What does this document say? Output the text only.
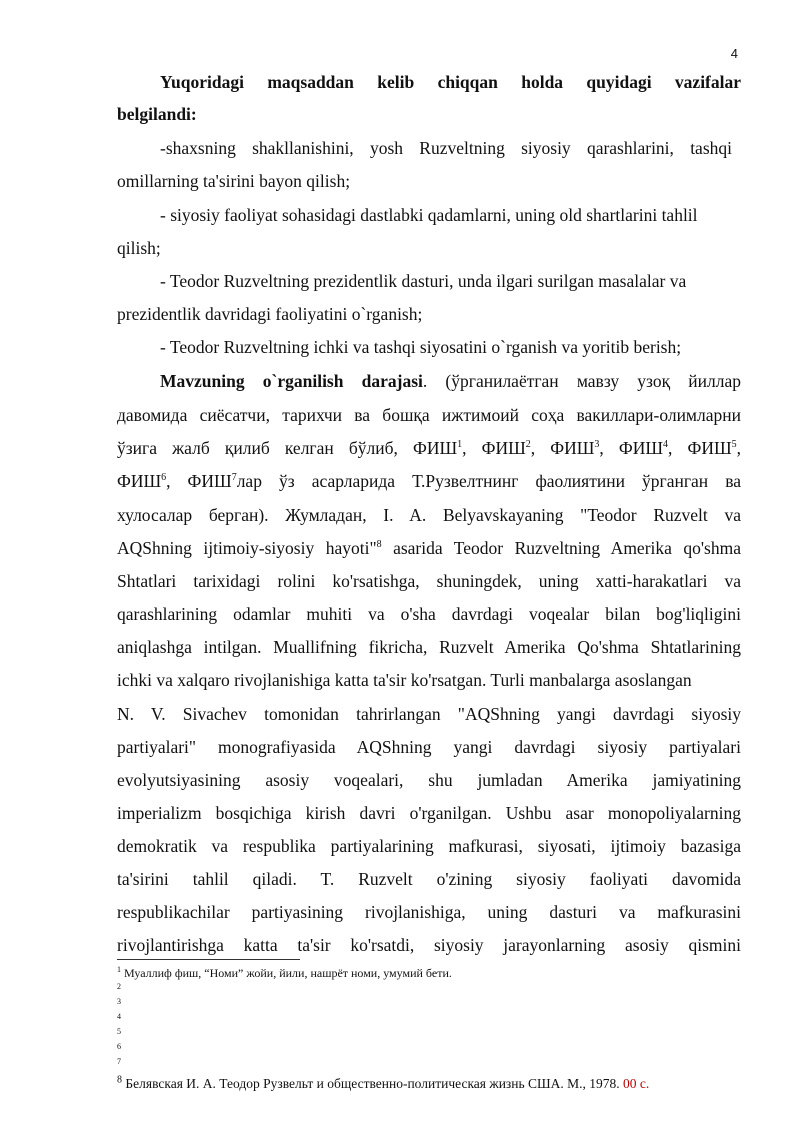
4
Yuqoridagi maqsaddan kelib chiqqan holda quyidagi vazifalar
belgilandi:
-shaxsning shakllanishini, yosh Ruzveltning siyosiy qarashlarini, tashqi
omillarning ta'sirini bayon qilish;
- siyosiy faoliyat sohasidagi dastlabki qadamlarni, uning old shartlarini tahlil
qilish;
- Teodor Ruzveltning prezidentlik dasturi, unda ilgari surilgan masalalar va
prezidentlik davridagi faoliyatini o`rganish;
- Teodor Ruzveltning ichki va tashqi siyosatini o`rganish va yoritib berish;
Mavzuning o`rganilish darajasi. (ўрганилаётган мавзу узоқ йиллар
давомида сиёсатчи, тарихчи ва бошқа ижтимоий соҳа вакиллари-олимларни
ўзига жалб қилиб келган бўлиб, ФИШ$^1$, ФИШ$^2$, ФИШ$^3$, ФИШ$^4$, ФИШ$^5$,
ФИШ$^6$, ФИШ$^7$лар ўз асарларида Т.Рузвелтнинг фаолиятини ўрганган ва
хулосалар берган). Жумладан, I. A. Belyavskayaning "Teodor Ruzvelt va
AQShning ijtimoiy-siyosiy hayoti"$^8$ asarida Teodor Ruzveltning Amerika qo'shma
Shtatlari tarixidagi rolini ko'rsatishga, shuningdek, uning xatti-harakatlari va
qarashlarining odamlar muhiti va o'sha davrdagi voqealar bilan bog'liqligini
aniqlashga intilgan. Muallifning fikricha, Ruzvelt Amerika Qo'shma Shtatlarining
ichki va xalqaro rivojlanishiga katta ta'sir ko'rsatgan. Turli manbalarga asoslangan
N. V. Sivachev tomonidan tahrirlangan "AQShning yangi davrdagi siyosiy
partiyalari" monografiyasida AQShning yangi davrdagi siyosiy partiyalari
evolyutsiyasining asosiy voqealari, shu jumladan Amerika jamiyatining
imperializm bosqichiga kirish davri o'rganilgan. Ushbu asar monopoliyalarning
demokratik va respublika partiyalarining mafkurasi, siyosati, ijtimoiy bazasiga
ta'sirini tahlil qiladi. T. Ruzvelt o'zining siyosiy faoliyati davomida
respublikachilar partiyasining rivojlanishiga, uning dasturi va mafkurasini
rivojlantirishga katta ta'sir ko'rsatdi, siyosiy jarayonlarning asosiy qismini
$^1$ Муаллиф фиш, “Номи” жойи, йили, нашрёт номи, умумий бети.
2
3
4
5
6
7
$^8$ Белявская И. А. Теодор Рузвельт и общественно-политическая жизнь США. М., 1978. 00 с.
